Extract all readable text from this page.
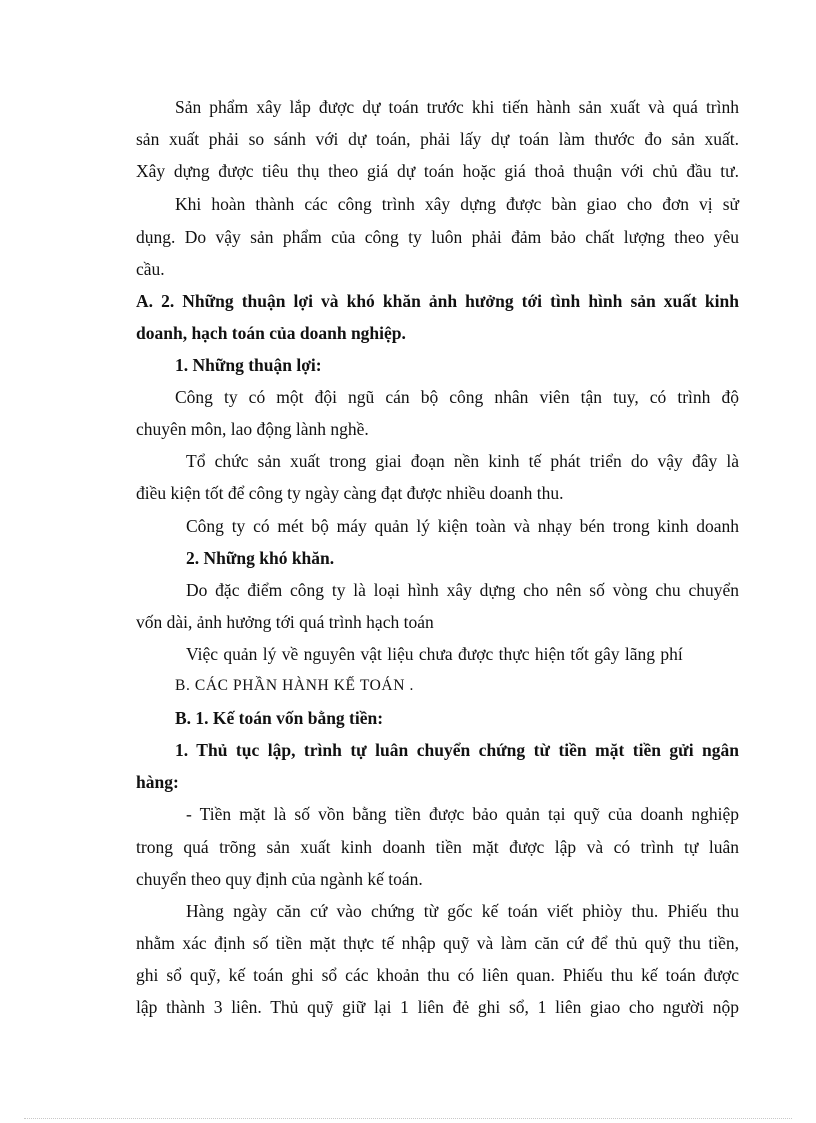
Sản phẩm xây lắp được dự toán trước khi tiến hành sản xuất và quá trình
sản xuất phải so sánh với dự toán, phải lấy dự toán làm thước đo sản xuất.
Xây dựng được tiêu thụ theo giá dự toán hoặc giá thoả thuận với chủ đầu tư.
Khi hoàn thành các công trình xây dựng được bàn giao cho đơn vị sử
dụng. Do vậy sản phẩm của công ty luôn phải đảm bảo chất lượng theo yêu
cầu.
A. 2. Những thuận lợi và khó khăn ảnh hưởng tới tình hình sản xuất kinh
doanh, hạch toán của doanh nghiệp.
1. Những thuận lợi:
Công ty có một đội ngũ cán bộ công nhân viên tận tuy, có trình độ
chuyên môn, lao động lành nghề.
Tổ chức sản xuất trong giai đoạn nền kinh tế phát triển do vậy đây là
điều kiện tốt để công ty ngày càng đạt được nhiều doanh thu.
Công ty có mét bộ máy quản lý kiện toàn và nhạy bén trong kinh doanh
2. Những khó khăn.
Do đặc điểm công ty là loại hình xây dựng cho nên số vòng chu chuyển
vốn dài, ảnh hưởng tới quá trình hạch toán
Việc quản lý về nguyên vật liệu chưa được thực hiện tốt gây lãng phí
B. CÁC PHẦN HÀNH KẾ TOÁN .
B. 1. Kế toán vốn bằng tiền:
1. Thủ tục lập, trình tự luân chuyển chứng từ tiền mặt tiền gửi ngân
hàng:
- Tiền mặt là số vồn bằng tiền được bảo quản tại quỹ của doanh nghiệp
trong quá trõng sản xuất kinh doanh tiền mặt được lập và có trình tự luân
chuyển theo quy định của ngành kế toán.
Hàng ngày căn cứ vào chứng từ gốc kế toán viết phiòy thu. Phiếu thu
nhằm xác định số tiền mặt thực tế nhập quỹ và làm căn cứ để thủ quỹ thu tiền,
ghi sổ quỹ, kế toán ghi sổ các khoản thu có liên quan. Phiếu thu kế toán được
lập thành 3 liên. Thủ quỹ giữ lại 1 liên đẻ ghi sổ, 1 liên giao cho người nộp
